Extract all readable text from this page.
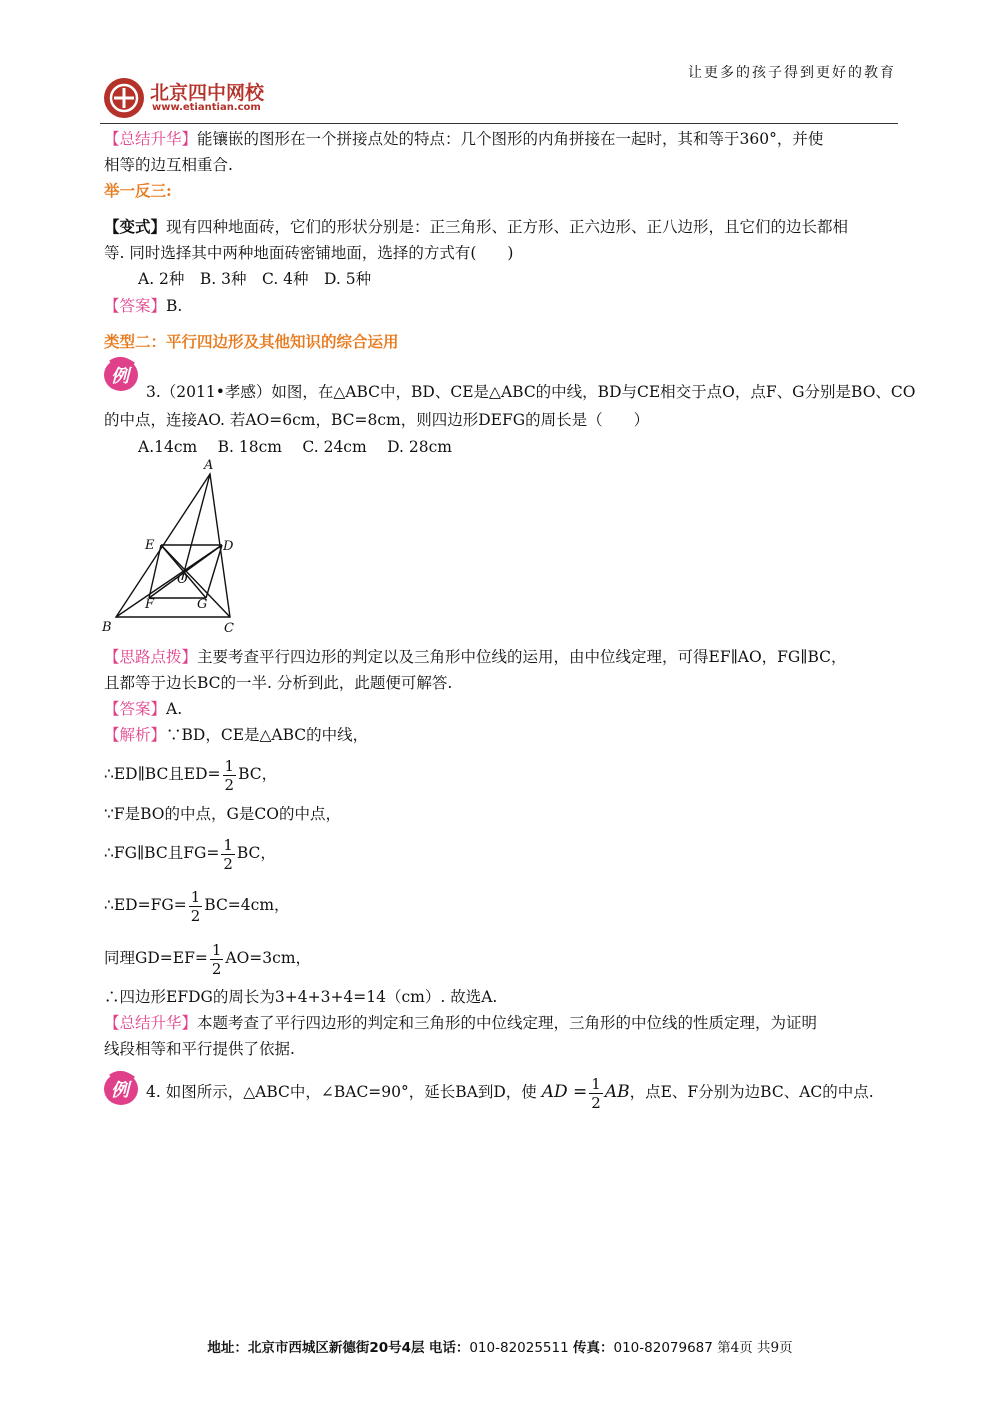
让更多的孩子得到更好的教育
北京四中网校
www.etiantian.com
【总结升华】能镶嵌的图形在一个拼接点处的特点：几个图形的内角拼接在一起时，其和等于360°，并使
相等的边互相重合.
举一反三:
【变式】现有四种地面砖，它们的形状分别是：正三角形、正方形、正六边形、正八边形，且它们的边长都相
等. 同时选择其中两种地面砖密铺地面，选择的方式有(　　)
A. 2种　B. 3种　C. 4种　D. 5种
【答案】B.
类型二：平行四边形及其他知识的综合运用
例
3.（2011•孝感）如图，在△ABC中，BD、CE是△ABC的中线，BD与CE相交于点O，点F、G分别是BO、CO
的中点，连接AO. 若AO=6cm，BC=8cm，则四边形DEFG的周长是（　　）
A.14cm　 B. 18cm　 C. 24cm　 D. 28cm
A
E	D
O
F	G
B	C
【思路点拨】主要考查平行四边形的判定以及三角形中位线的运用，由中位线定理，可得EF∥AO，FG∥BC，
且都等于边长BC的一半. 分析到此，此题便可解答.
【答案】A.
【解析】∵BD，CE是△ABC的中线，
∴ED∥BC且$ED= \frac{1}{2}$ BC，
∵F是BO的中点，G是CO的中点，
∴FG∥BC且$FG= \frac{1}{2}$ BC，
∴ED=FG= $\frac{1}{2} BC=4cm$，
同理$GD=EF= \frac{1}{2} AO=3cm$，
∴四边形EFDG的周长为3+4+3+4=14（cm）. 故选A.
【总结升华】本题考查了平行四边形的判定和三角形的中位线定理，三角形的中位线的性质定理，为证明
线段相等和平行提供了依据.
例 4. 如图所示，△ABC中，∠BAC=90°，延长BA到D，使 AD = $\frac{1}{2}$ AB，点E、F分别为边BC、AC的中点.
地址：北京市西城区新德街20号4层 电话：010-82025511 传真：010-82079687 第4页 共9页
